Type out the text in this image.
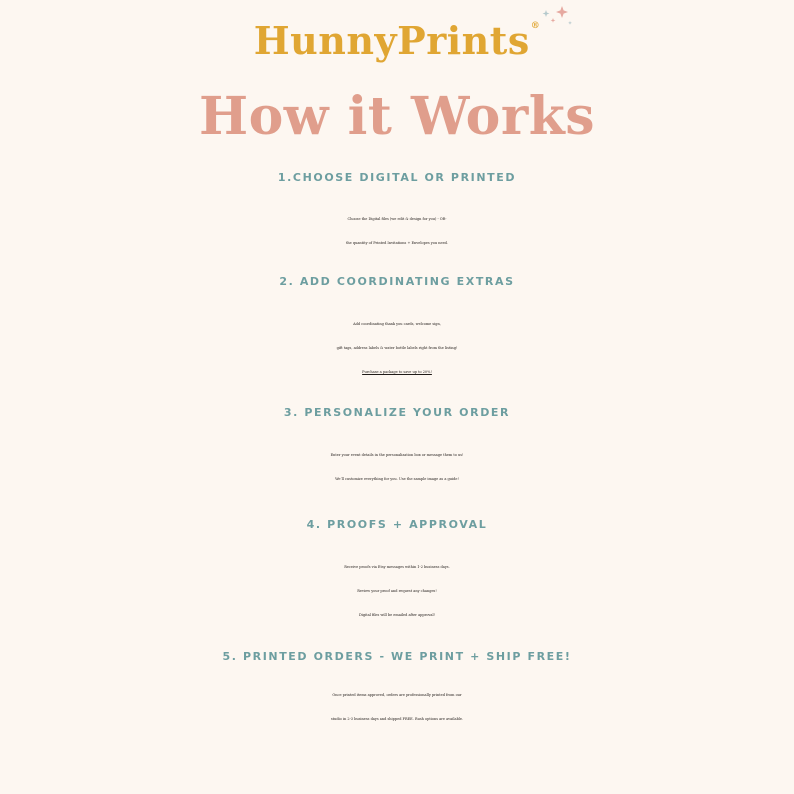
HunnyPrints®
How it Works
1.CHOOSE DIGITAL OR PRINTED
Choose the Digital files (we edit & design for you) - OR-
the quantity of Printed Invitations + Envelopes you need.
2. ADD COORDINATING EXTRAS
Add coordinating thank you cards, welcome sign,
gift tags, address labels & water bottle labels right from the listing!
Purchase a package to save up to 20%!
3. PERSONALIZE YOUR ORDER
Enter your event details in the personalization box or message them to us!
We’ll customize everything for you. Use the sample image as a guide!
4. PROOFS + APPROVAL
Receive proofs via Etsy messages within 1-2 business days.
Review your proof and request any changes!
Digital files will be emailed after approval!
5. PRINTED ORDERS - WE PRINT + SHIP FREE!
Once printed items approved, orders are professionally printed from our
studio in 2-3 business days and shipped FREE. Rush options are available.
